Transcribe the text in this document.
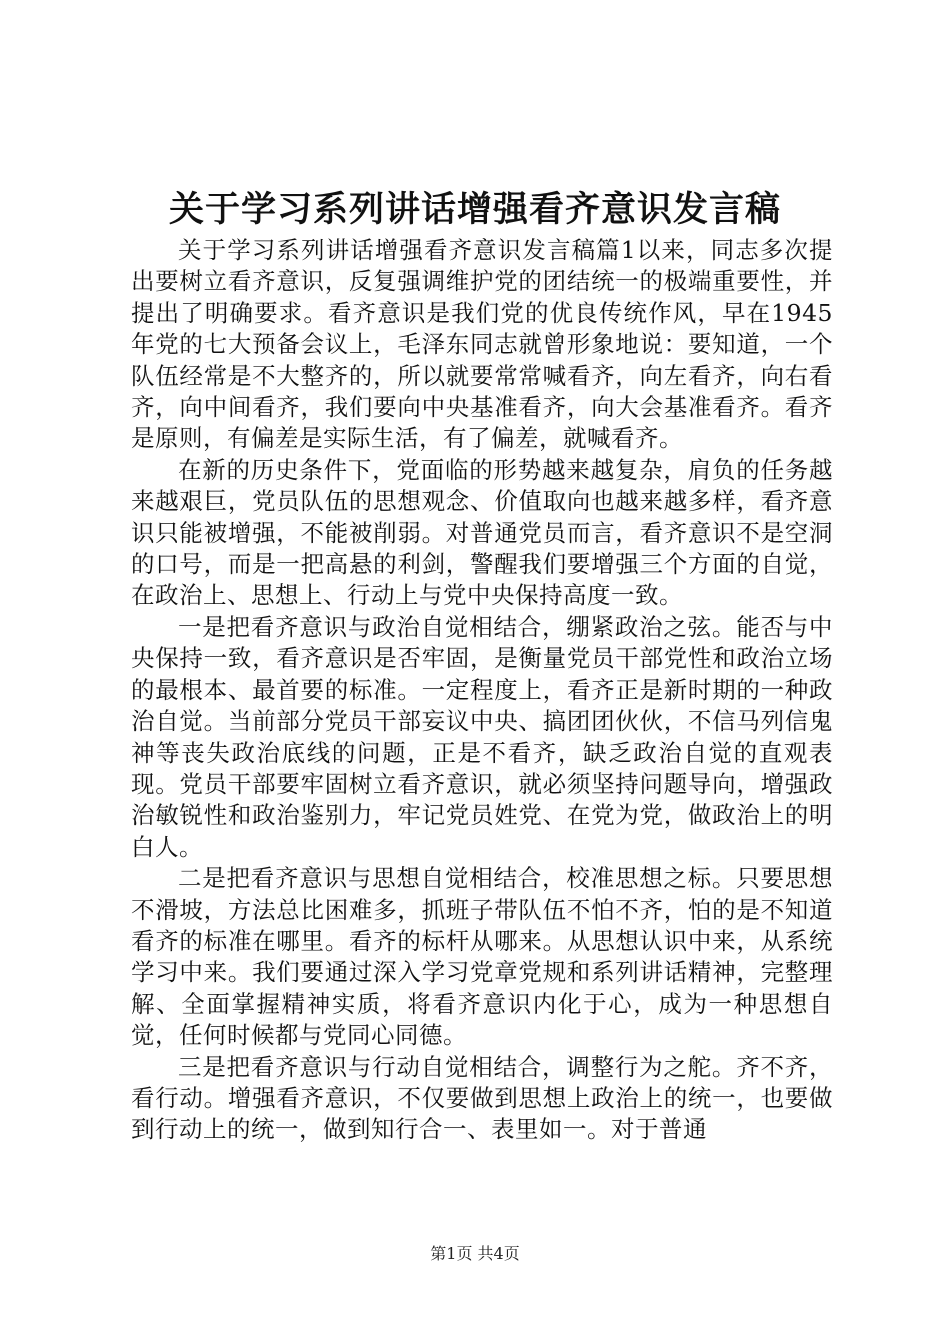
关于学习系列讲话增强看齐意识发言稿

关于学习系列讲话增强看齐意识发言稿篇1以来，同志多次提出要树立看齐意识，反复强调维护党的团结统一的极端重要性，并提出了明确要求。看齐意识是我们党的优良传统作风，早在1945年党的七大预备会议上，毛泽东同志就曾形象地说：要知道，一个队伍经常是不大整齐的，所以就要常常喊看齐，向左看齐，向右看齐，向中间看齐，我们要向中央基准看齐，向大会基准看齐。看齐是原则，有偏差是实际生活，有了偏差，就喊看齐。

在新的历史条件下，党面临的形势越来越复杂，肩负的任务越来越艰巨，党员队伍的思想观念、价值取向也越来越多样，看齐意识只能被增强，不能被削弱。对普通党员而言，看齐意识不是空洞的口号，而是一把高悬的利剑，警醒我们要增强三个方面的自觉，在政治上、思想上、行动上与党中央保持高度一致。

一是把看齐意识与政治自觉相结合，绷紧政治之弦。能否与中央保持一致，看齐意识是否牢固，是衡量党员干部党性和政治立场的最根本、最首要的标准。一定程度上，看齐正是新时期的一种政治自觉。当前部分党员干部妄议中央、搞团团伙伙，不信马列信鬼神等丧失政治底线的问题，正是不看齐，缺乏政治自觉的直观表现。党员干部要牢固树立看齐意识，就必须坚持问题导向，增强政治敏锐性和政治鉴别力，牢记党员姓党、在党为党，做政治上的明白人。

二是把看齐意识与思想自觉相结合，校准思想之标。只要思想不滑坡，方法总比困难多，抓班子带队伍不怕不齐，怕的是不知道看齐的标准在哪里。看齐的标杆从哪来。从思想认识中来，从系统学习中来。我们要通过深入学习党章党规和系列讲话精神，完整理解、全面掌握精神实质，将看齐意识内化于心，成为一种思想自觉，任何时候都与党同心同德。

三是把看齐意识与行动自觉相结合，调整行为之舵。齐不齐，看行动。增强看齐意识，不仅要做到思想上政治上的统一，也要做到行动上的统一，做到知行合一、表里如一。对于普通

第1页 共4页
